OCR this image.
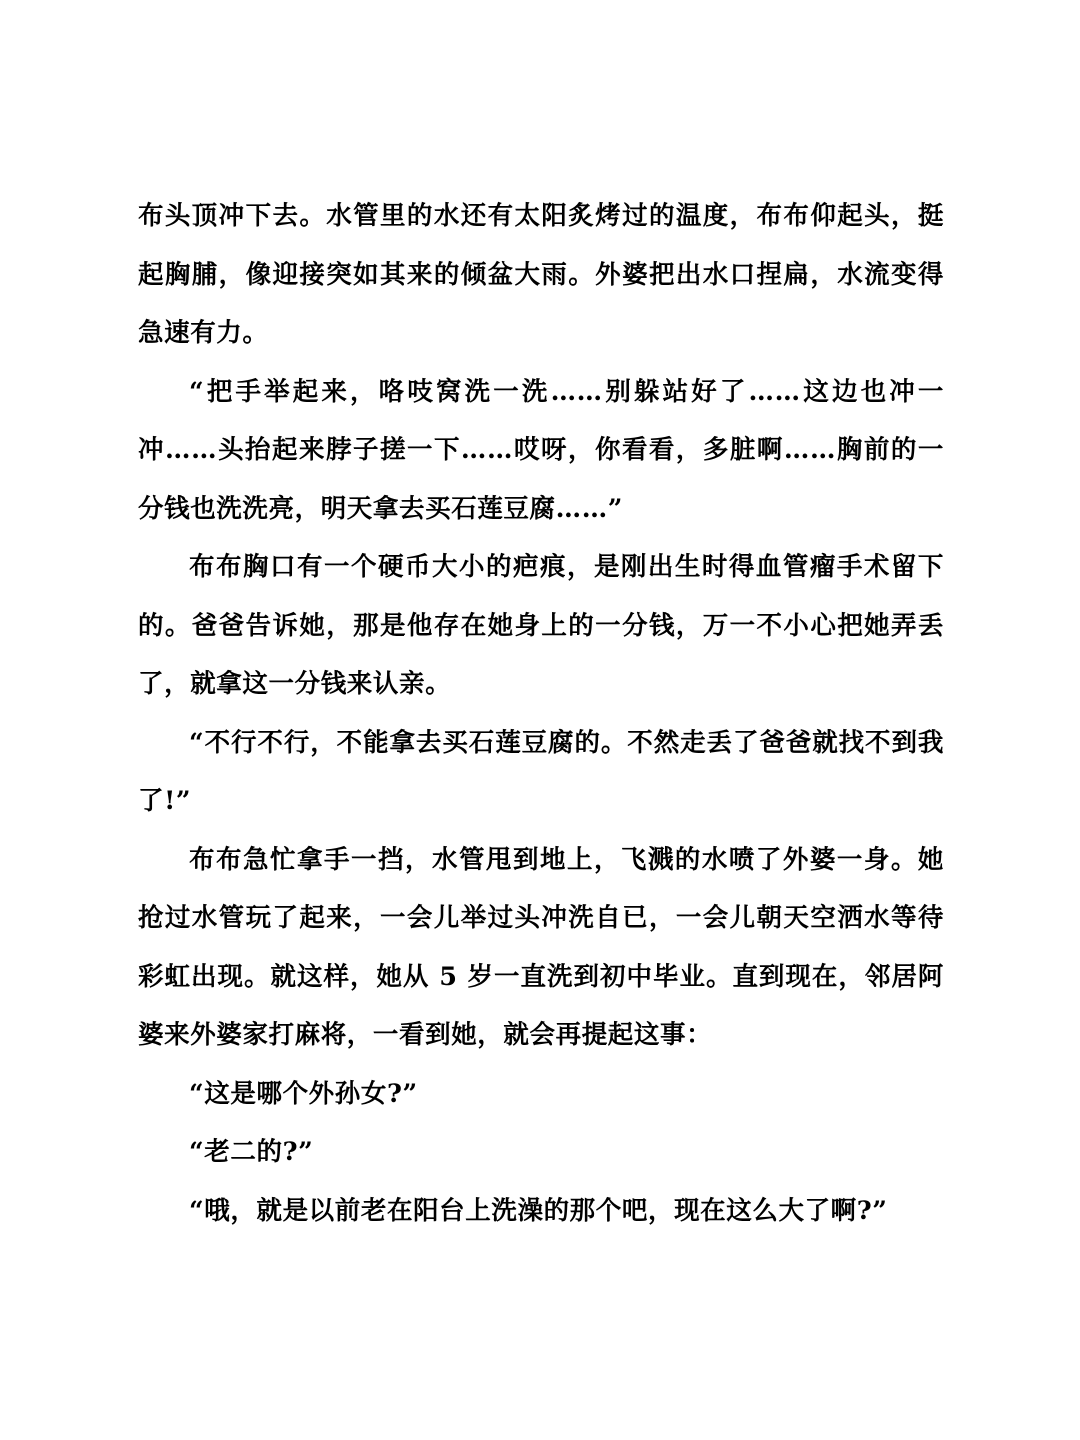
布头顶冲下去。水管里的水还有太阳炙烤过的温度，布布仰起头，挺起胸脯，像迎接突如其来的倾盆大雨。外婆把出水口捏扁，水流变得急速有力。

“把手举起来，咯吱窝洗一洗……别躲站好了……这边也冲一冲……头抬起来脖子搓一下……哎呀，你看看，多脏啊……胸前的一分钱也洗洗亮，明天拿去买石莲豆腐……”

布布胸口有一个硬币大小的疤痕，是刚出生时得血管瘤手术留下的。爸爸告诉她，那是他存在她身上的一分钱，万一不小心把她弄丢了，就拿这一分钱来认亲。

“不行不行，不能拿去买石莲豆腐的。不然走丢了爸爸就找不到我了!”

布布急忙拿手一挡，水管甩到地上，飞溅的水喷了外婆一身。她抢过水管玩了起来，一会儿举过头冲洗自已，一会儿朝天空洒水等待彩虹出现。就这样，她从 5 岁一直洗到初中毕业。直到现在，邻居阿婆来外婆家打麻将，一看到她，就会再提起这事：

“这是哪个外孙女?”

“老二的?”

“哦，就是以前老在阳台上洗澡的那个吧，现在这么大了啊?”
